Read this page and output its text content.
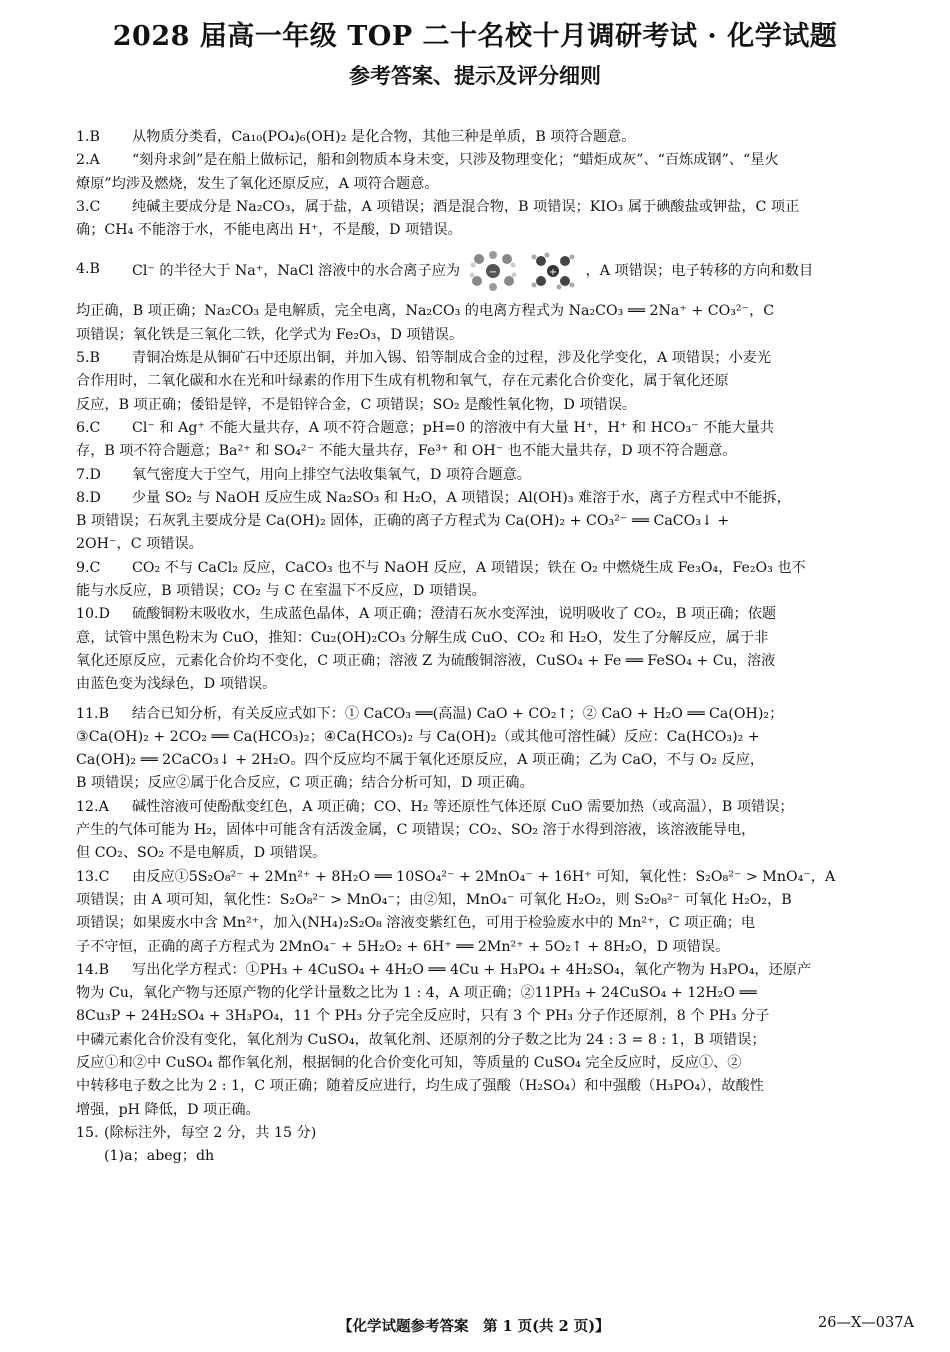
2028 届高一年级 TOP 二十名校十月调研考试 · 化学试题
参考答案、提示及评分细则
1.B 从物质分类看，Ca₁₀(PO₄)₆(OH)₂ 是化合物，其他三种是单质，B 项符合题意。
2.A “刻舟求剑”是在船上做标记，船和剑物质本身未变，只涉及物理变化；“蜡炬成灰”、“百炼成钢”、“星火
燎原”均涉及燃烧，发生了氧化还原反应，A 项符合题意。
3.C 纯碱主要成分是 Na₂CO₃，属于盐，A 项错误；酒是混合物，B 项错误；KIO₃ 属于碘酸盐或钾盐，C 项正
确；CH₄ 不能溶于水，不能电离出 H⁺，不是酸，D 项错误。
4.B Cl⁻ 的半径大于 Na⁺，NaCl 溶液中的水合离子应为	−
	+ ，A 项错误；电子转移的方向和数目
均正确，B 项正确；Na₂CO₃ 是电解质，完全电离，Na₂CO₃ 的电离方程式为 Na₂CO₃ ══ 2Na⁺ + CO₃²⁻，C
项错误；氧化铁是三氧化二铁，化学式为 Fe₂O₃，D 项错误。
5.B 青铜冶炼是从铜矿石中还原出铜，并加入锡、铅等制成合金的过程，涉及化学变化，A 项错误；小麦光
合作用时，二氧化碳和水在光和叶绿素的作用下生成有机物和氧气，存在元素化合价变化，属于氧化还原
反应，B 项正确；倭铅是锌，不是铅锌合金，C 项错误；SO₂ 是酸性氧化物，D 项错误。
6.C Cl⁻ 和 Ag⁺ 不能大量共存，A 项不符合题意；pH=0 的溶液中有大量 H⁺，H⁺ 和 HCO₃⁻ 不能大量共
存，B 项不符合题意；Ba²⁺ 和 SO₄²⁻ 不能大量共存，Fe³⁺ 和 OH⁻ 也不能大量共存，D 项不符合题意。
7.D 氧气密度大于空气，用向上排空气法收集氧气，D 项符合题意。
8.D 少量 SO₂ 与 NaOH 反应生成 Na₂SO₃ 和 H₂O，A 项错误；Al(OH)₃ 难溶于水，离子方程式中不能拆，
B 项错误；石灰乳主要成分是 Ca(OH)₂ 固体，正确的离子方程式为 Ca(OH)₂ + CO₃²⁻ ══ CaCO₃↓ +
2OH⁻，C 项错误。
9.C CO₂ 不与 CaCl₂ 反应，CaCO₃ 也不与 NaOH 反应，A 项错误；铁在 O₂ 中燃烧生成 Fe₃O₄，Fe₂O₃ 也不
能与水反应，B 项错误；CO₂ 与 C 在室温下不反应，D 项错误。
10.D 硫酸铜粉末吸收水，生成蓝色晶体，A 项正确；澄清石灰水变浑浊，说明吸收了 CO₂，B 项正确；依题
意，试管中黑色粉末为 CuO，推知：Cu₂(OH)₂CO₃ 分解生成 CuO、CO₂ 和 H₂O，发生了分解反应，属于非
氧化还原反应，元素化合价均不变化，C 项正确；溶液 Z 为硫酸铜溶液，CuSO₄ + Fe ══ FeSO₄ + Cu，溶液
由蓝色变为浅绿色，D 项错误。
11.B 结合已知分析，有关反应式如下：① CaCO₃ ══(高温) CaO + CO₂↑；② CaO + H₂O ══ Ca(OH)₂；
③Ca(OH)₂ + 2CO₂ ══ Ca(HCO₃)₂；④Ca(HCO₃)₂ 与 Ca(OH)₂（或其他可溶性碱）反应：Ca(HCO₃)₂ +
Ca(OH)₂ ══ 2CaCO₃↓ + 2H₂O。四个反应均不属于氧化还原反应，A 项正确；乙为 CaO，不与 O₂ 反应，
B 项错误；反应②属于化合反应，C 项正确；结合分析可知，D 项正确。
12.A 碱性溶液可使酚酞变红色，A 项正确；CO、H₂ 等还原性气体还原 CuO 需要加热（或高温），B 项错误；
产生的气体可能为 H₂，固体中可能含有活泼金属，C 项错误；CO₂、SO₂ 溶于水得到溶液，该溶液能导电，
但 CO₂、SO₂ 不是电解质，D 项错误。
13.C 由反应①5S₂O₈²⁻ + 2Mn²⁺ + 8H₂O ══ 10SO₄²⁻ + 2MnO₄⁻ + 16H⁺ 可知，氧化性：S₂O₈²⁻ > MnO₄⁻，A
项错误；由 A 项可知，氧化性：S₂O₈²⁻ > MnO₄⁻；由②知，MnO₄⁻ 可氧化 H₂O₂，则 S₂O₈²⁻ 可氧化 H₂O₂，B
项错误；如果废水中含 Mn²⁺，加入(NH₄)₂S₂O₈ 溶液变紫红色，可用于检验废水中的 Mn²⁺，C 项正确；电
子不守恒，正确的离子方程式为 2MnO₄⁻ + 5H₂O₂ + 6H⁺ ══ 2Mn²⁺ + 5O₂↑ + 8H₂O，D 项错误。
14.B 写出化学方程式：①PH₃ + 4CuSO₄ + 4H₂O ══ 4Cu + H₃PO₄ + 4H₂SO₄，氧化产物为 H₃PO₄，还原产
物为 Cu，氧化产物与还原产物的化学计量数之比为 1 : 4，A 项正确；②11PH₃ + 24CuSO₄ + 12H₂O ══
8Cu₃P + 24H₂SO₄ + 3H₃PO₄，11 个 PH₃ 分子完全反应时，只有 3 个 PH₃ 分子作还原剂，8 个 PH₃ 分子
中磷元素化合价没有变化，氧化剂为 CuSO₄，故氧化剂、还原剂的分子数之比为 24 : 3 = 8 : 1，B 项错误；
反应①和②中 CuSO₄ 都作氧化剂，根据铜的化合价变化可知，等质量的 CuSO₄ 完全反应时，反应①、②
中转移电子数之比为 2 : 1，C 项正确；随着反应进行，均生成了强酸（H₂SO₄）和中强酸（H₃PO₄），故酸性
增强，pH 降低，D 项正确。
15. (除标注外，每空 2 分，共 15 分)
(1)a；abeg；dh
【化学试题参考答案　第 1 页(共 2 页)】	26—X—037A
